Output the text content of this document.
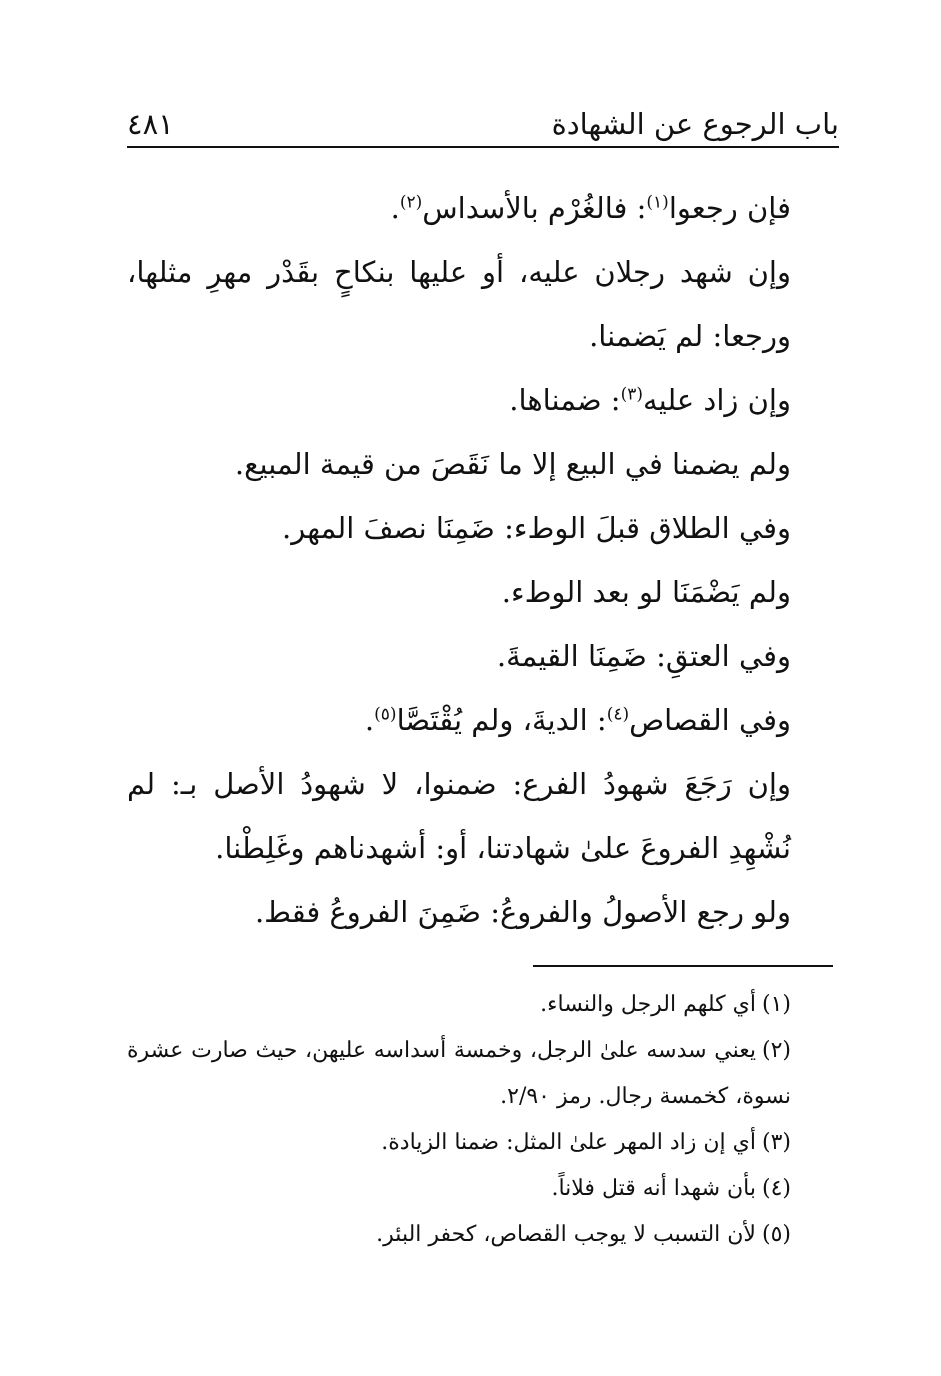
باب الرجوع عن الشهادة
٤٨١

فإن رجعوا$^{(١)}$: فالغُرْم بالأسداس$^{(٢)}$.

وإن شهد رجلان عليه، أو عليها بنكاحٍ بقَدْر مهرِ مثلها، ورجعا: لم يَضمنا.

وإن زاد عليه$^{(٣)}$: ضمناها.

ولم يضمنا في البيع إلا ما نَقَصَ من قيمة المبيع.

وفي الطلاق قبلَ الوطء: ضَمِنَا نصفَ المهر.

ولم يَضْمَنَا لو بعد الوطء.

وفي العتقِ: ضَمِنَا القيمةَ.

وفي القصاص$^{(٤)}$: الديةَ، ولم يُقْتَصَّا$^{(٥)}$.

وإن رَجَعَ شهودُ الفرع: ضمنوا، لا شهودُ الأصل بـ: لم نُشْهِدِ الفروعَ علىٰ شهادتنا، أو: أشهدناهم وغَلِطْنا.

ولو رجع الأصولُ والفروعُ: ضَمِنَ الفروعُ فقط.

(١)أي كلهم الرجل والنساء.

(٢)يعني سدسه علىٰ الرجل، وخمسة أسداسه عليهن، حيث صارت عشرة نسوة، كخمسة رجال. رمز ٢/٩٠.

(٣)أي إن زاد المهر علىٰ المثل: ضمنا الزيادة.

(٤)بأن شهدا أنه قتل فلاناً.

(٥)لأن التسبب لا يوجب القصاص، كحفر البئر.
